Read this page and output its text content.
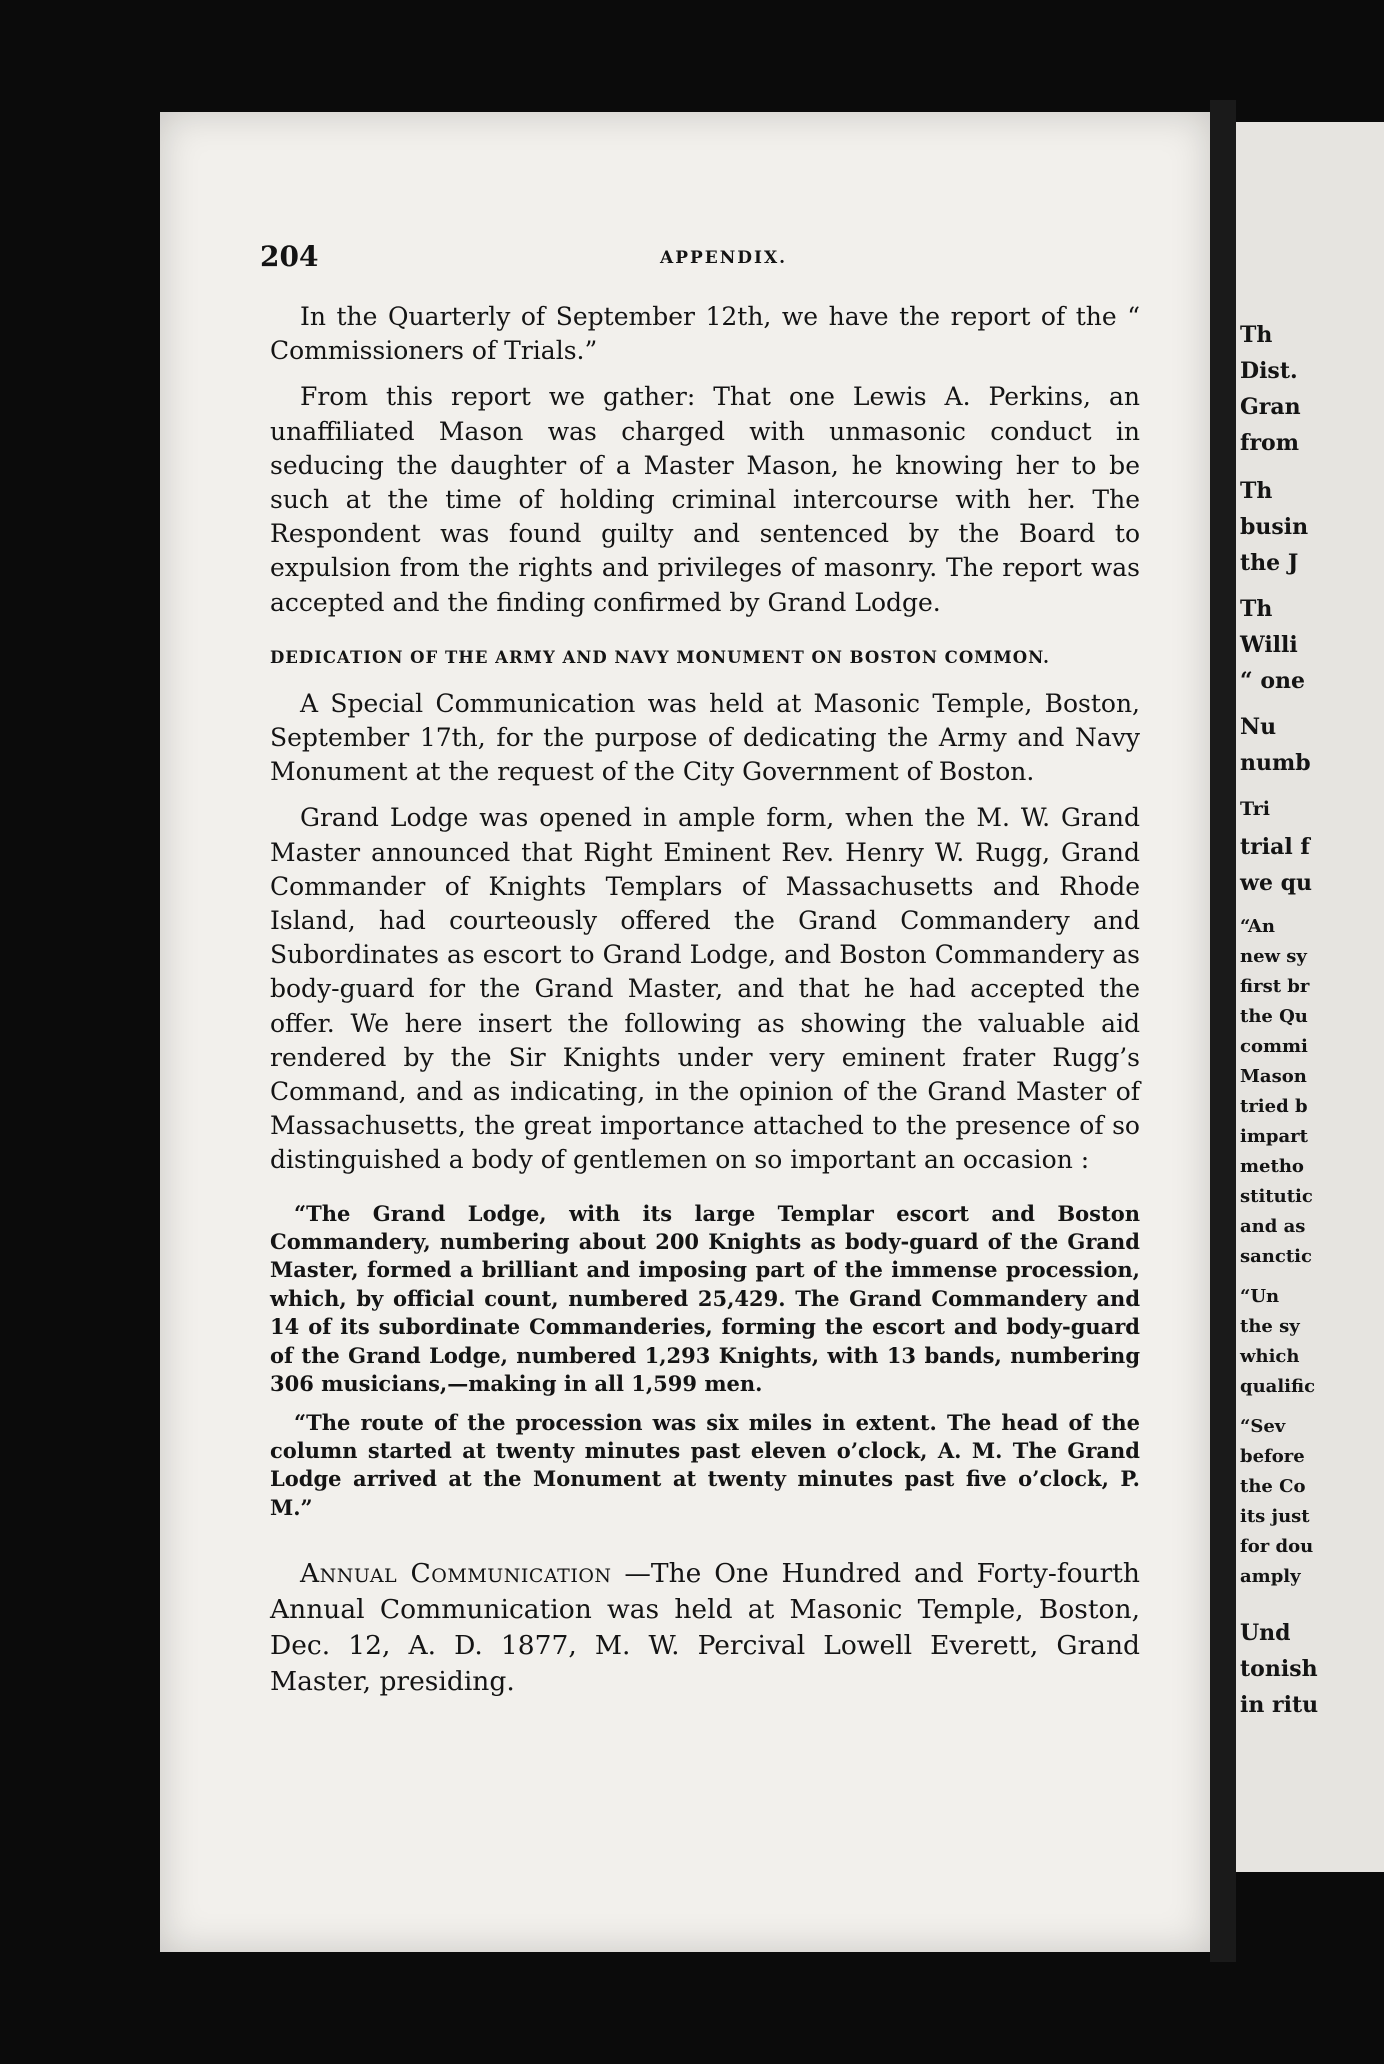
204	APPENDIX.

In the Quarterly of September 12th, we have the report of the “ Commissioners of Trials.”

From this report we gather: That one Lewis A. Perkins, an unaffiliated Mason was charged with unmasonic conduct in seducing the daughter of a Master Mason, he knowing her to be such at the time of holding criminal intercourse with her. The Respondent was found guilty and sentenced by the Board to expulsion from the rights and privileges of masonry. The report was accepted and the finding confirmed by Grand Lodge.

DEDICATION OF THE ARMY AND NAVY MONUMENT ON BOSTON COMMON.

A Special Communication was held at Masonic Temple, Boston, September 17th, for the purpose of dedicating the Army and Navy Monument at the request of the City Government of Boston.

Grand Lodge was opened in ample form, when the M. W. Grand Master announced that Right Eminent Rev. Henry W. Rugg, Grand Commander of Knights Templars of Massachusetts and Rhode Island, had courteously offered the Grand Commandery and Subordinates as escort to Grand Lodge, and Boston Commandery as body-guard for the Grand Master, and that he had accepted the offer. We here insert the following as showing the valuable aid rendered by the Sir Knights under very eminent frater Rugg’s Command, and as indicating, in the opinion of the Grand Master of Massachusetts, the great importance attached to the presence of so distinguished a body of gentlemen on so important an occasion :

“The Grand Lodge, with its large Templar escort and Boston Commandery, numbering about 200 Knights as body-guard of the Grand Master, formed a brilliant and imposing part of the immense procession, which, by official count, numbered 25,429. The Grand Commandery and 14 of its subordinate Commanderies, forming the escort and body-guard of the Grand Lodge, numbered 1,293 Knights, with 13 bands, numbering 306 musicians,—making in all 1,599 men.

“The route of the procession was six miles in extent. The head of the column started at twenty minutes past eleven o’clock, A. M. The Grand Lodge arrived at the Monument at twenty minutes past five o’clock, P. M.”

Annual Communication —The One Hundred and Forty-fourth Annual Communication was held at Masonic Temple, Boston, Dec. 12, A. D. 1877, M. W. Percival Lowell Everett, Grand Master, presiding.

Th
Dist.
Gran
from
Th
busin
the J
Th
Willi
“ one
Nu
numb
Tri
trial f
we qu
“An
new sy
first br
the Qu
commi
Mason
tried b
impart
metho
stitutic
and as
sanctic
“Un
the sy
which
qualific
“Sev
before
the Co
its just
for dou
amply
Und
tonish
in ritu
